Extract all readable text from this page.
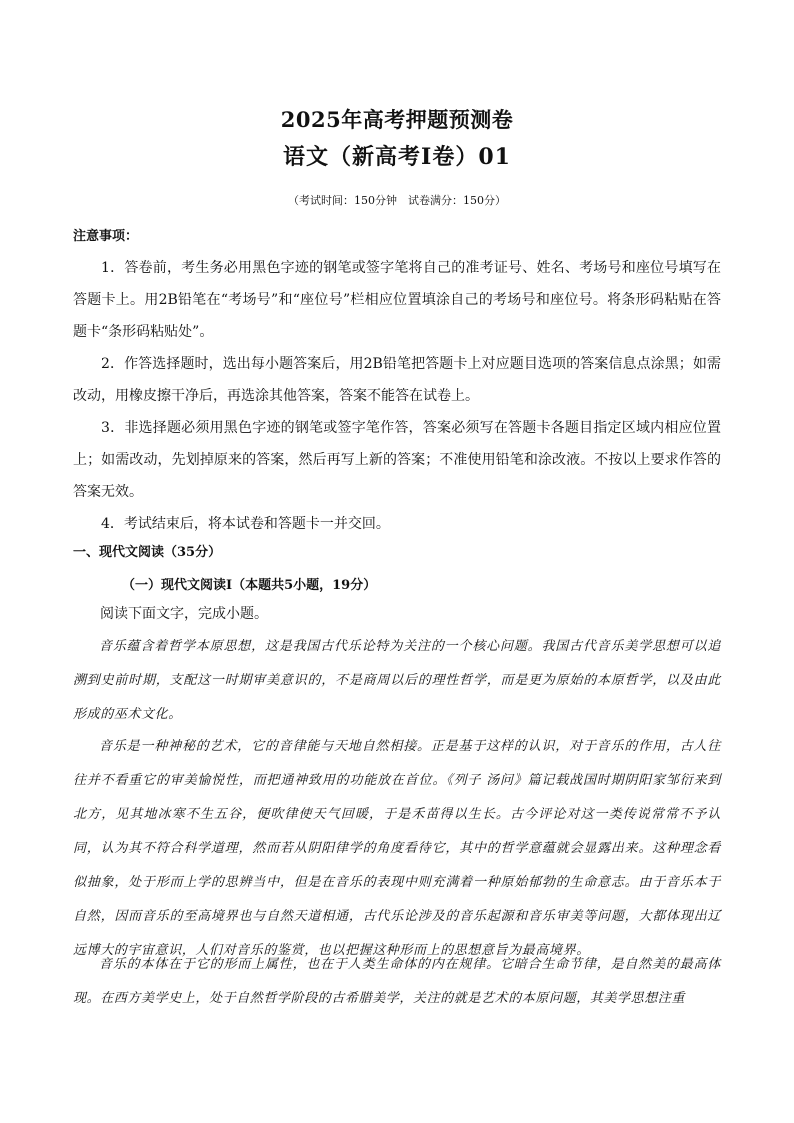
2025年高考押题预测卷
语文（新高考Ⅰ卷）01
（考试时间：150分钟　试卷满分：150分）
注意事项：

1．答卷前，考生务必用黑色字迹的钢笔或签字笔将自己的准考证号、姓名、考场号和座位号填写在答题卡上。用2B铅笔在“考场号”和“座位号”栏相应位置填涂自己的考场号和座位号。将条形码粘贴在答题卡“条形码粘贴处”。

2．作答选择题时，选出每小题答案后，用2B铅笔把答题卡上对应题目选项的答案信息点涂黑；如需改动，用橡皮擦干净后，再选涂其他答案，答案不能答在试卷上。

3．非选择题必须用黑色字迹的钢笔或签字笔作答，答案必须写在答题卡各题目指定区域内相应位置上；如需改动，先划掉原来的答案，然后再写上新的答案；不准使用铅笔和涂改液。不按以上要求作答的答案无效。

4．考试结束后，将本试卷和答题卡一并交回。

一、现代文阅读（35分）
（一）现代文阅读Ⅰ（本题共5小题，19分）
阅读下面文字，完成小题。

音乐蕴含着哲学本原思想，这是我国古代乐论特为关注的一个核心问题。我国古代音乐美学思想可以追溯到史前时期，支配这一时期审美意识的，不是商周以后的理性哲学，而是更为原始的本原哲学，以及由此形成的巫术文化。

音乐是一种神秘的艺术，它的音律能与天地自然相接。正是基于这样的认识，对于音乐的作用，古人往往并不看重它的审美愉悦性，而把通神致用的功能放在首位。《列子 汤问》篇记载战国时期阴阳家邹衍来到北方，见其地冰寒不生五谷，便吹律使天气回暖，于是禾苗得以生长。古今评论对这一类传说常常不予认同，认为其不符合科学道理，然而若从阴阳律学的角度看待它，其中的哲学意蕴就会显露出来。这种理念看似抽象，处于形而上学的思辨当中，但是在音乐的表现中则充满着一种原始郁勃的生命意志。由于音乐本于自然，因而音乐的至高境界也与自然天道相通，古代乐论涉及的音乐起源和音乐审美等问题，大都体现出辽远博大的宇宙意识，人们对音乐的鉴赏，也以把握这种形而上的思想意旨为最高境界。

音乐的本体在于它的形而上属性，也在于人类生命体的内在规律。它暗合生命节律，是自然美的最高体现。在西方美学史上，处于自然哲学阶段的古希腊美学，关注的就是艺术的本原问题，其美学思想注重
